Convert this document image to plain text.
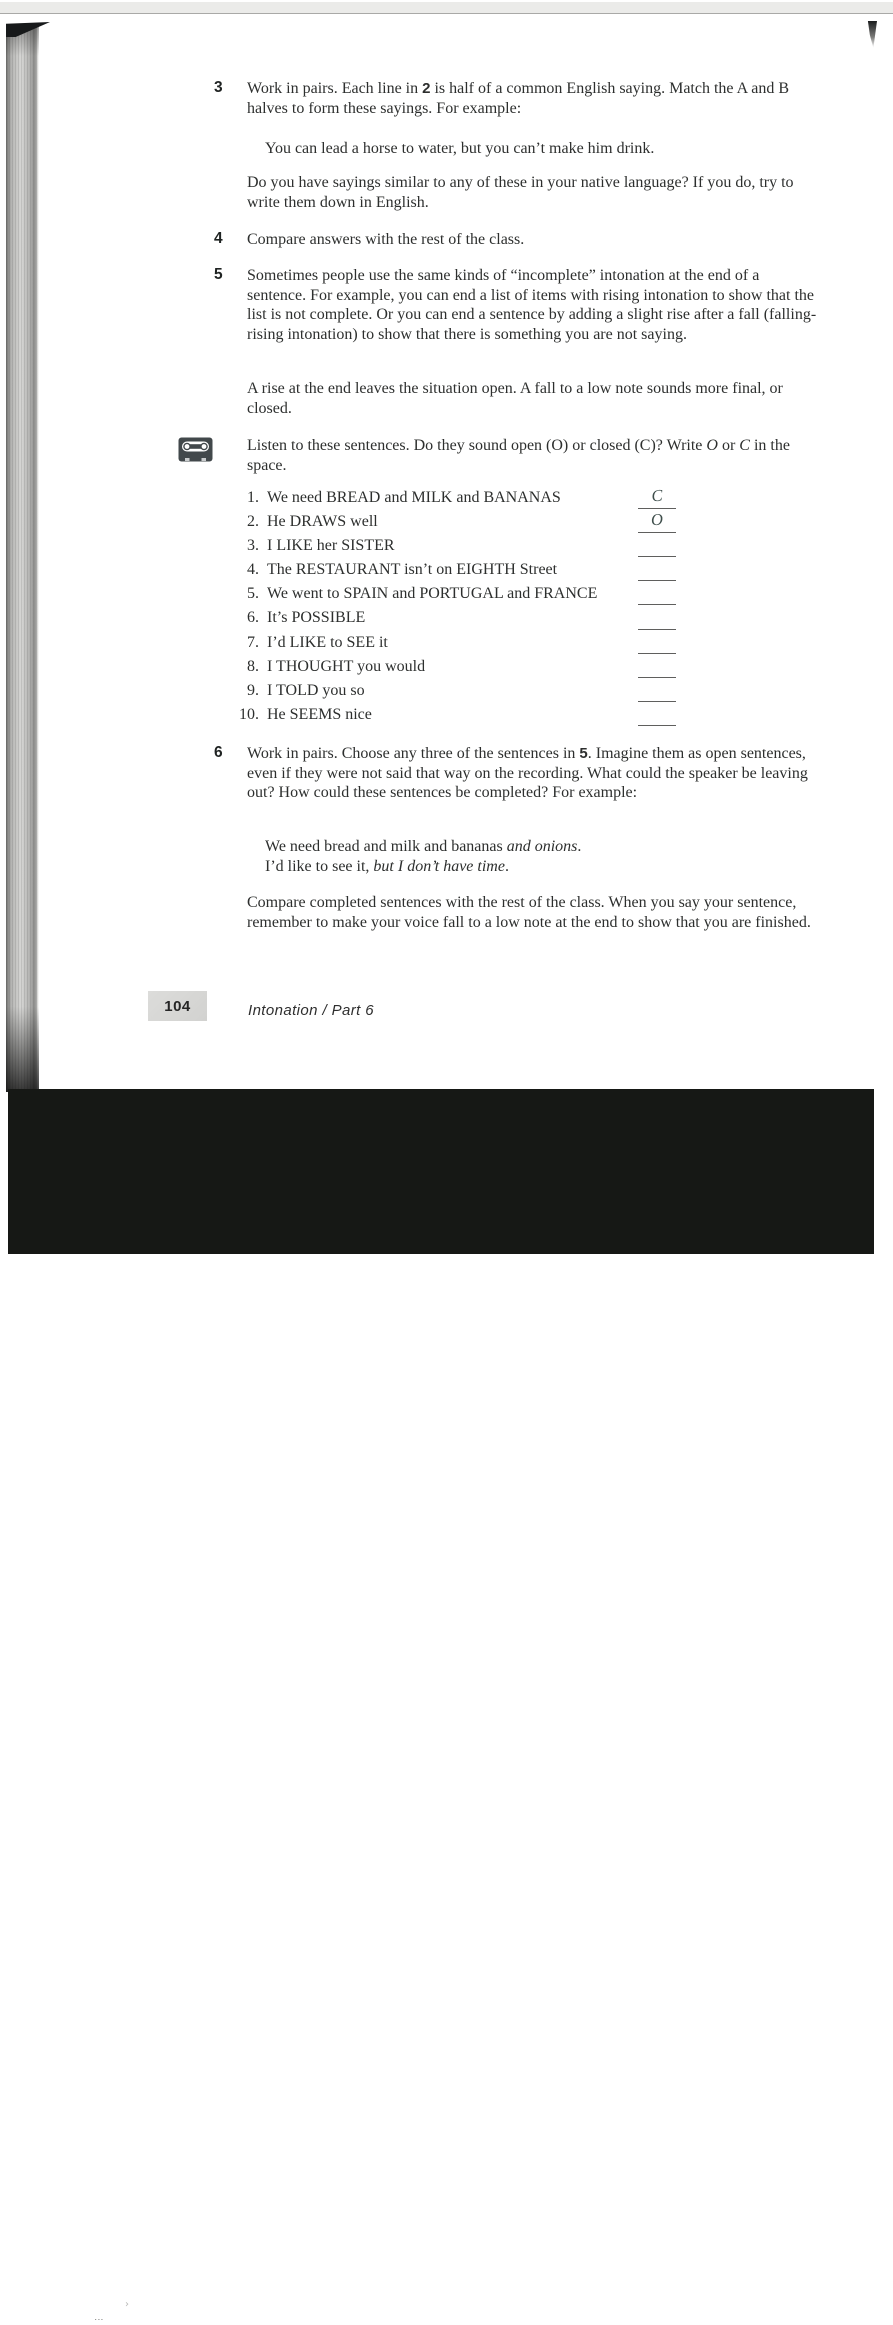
3	Work in pairs. Each line in 2 is half of a common English saying. Match the A and B halves to form these sayings. For example:
You can lead a horse to water, but you can’t make him drink.
Do you have sayings similar to any of these in your native language? If you do, try to write them down in English.
4	Compare answers with the rest of the class.
5	Sometimes people use the same kinds of “incomplete” intonation at the end of a sentence. For example, you can end a list of items with rising intonation to show that the list is not complete. Or you can end a sentence by adding a slight rise after a fall (falling-rising intonation) to show that there is something you are not saying.
A rise at the end leaves the situation open. A fall to a low note sounds more final, or closed.
Listen to these sentences. Do they sound open (O) or closed (C)? Write O or C in the space.
1. We need BREAD and MILK and BANANAS	C
2. He DRAWS well	O
3. I LIKE her SISTER
4. The RESTAURANT isn’t on EIGHTH Street
5. We went to SPAIN and PORTUGAL and FRANCE
6. It’s POSSIBLE
7. I’d LIKE to SEE it
8. I THOUGHT you would
9. I TOLD you so
10. He SEEMS nice
6	Work in pairs. Choose any three of the sentences in 5. Imagine them as open sentences, even if they were not said that way on the recording. What could the speaker be leaving out? How could these sentences be completed? For example:
We need bread and milk and bananas and onions.
I’d like to see it, but I don’t have time.
Compare completed sentences with the rest of the class. When you say your sentence, remember to make your voice fall to a low note at the end to show that you are finished.
104	Intonation / Part 6
›
⋮
